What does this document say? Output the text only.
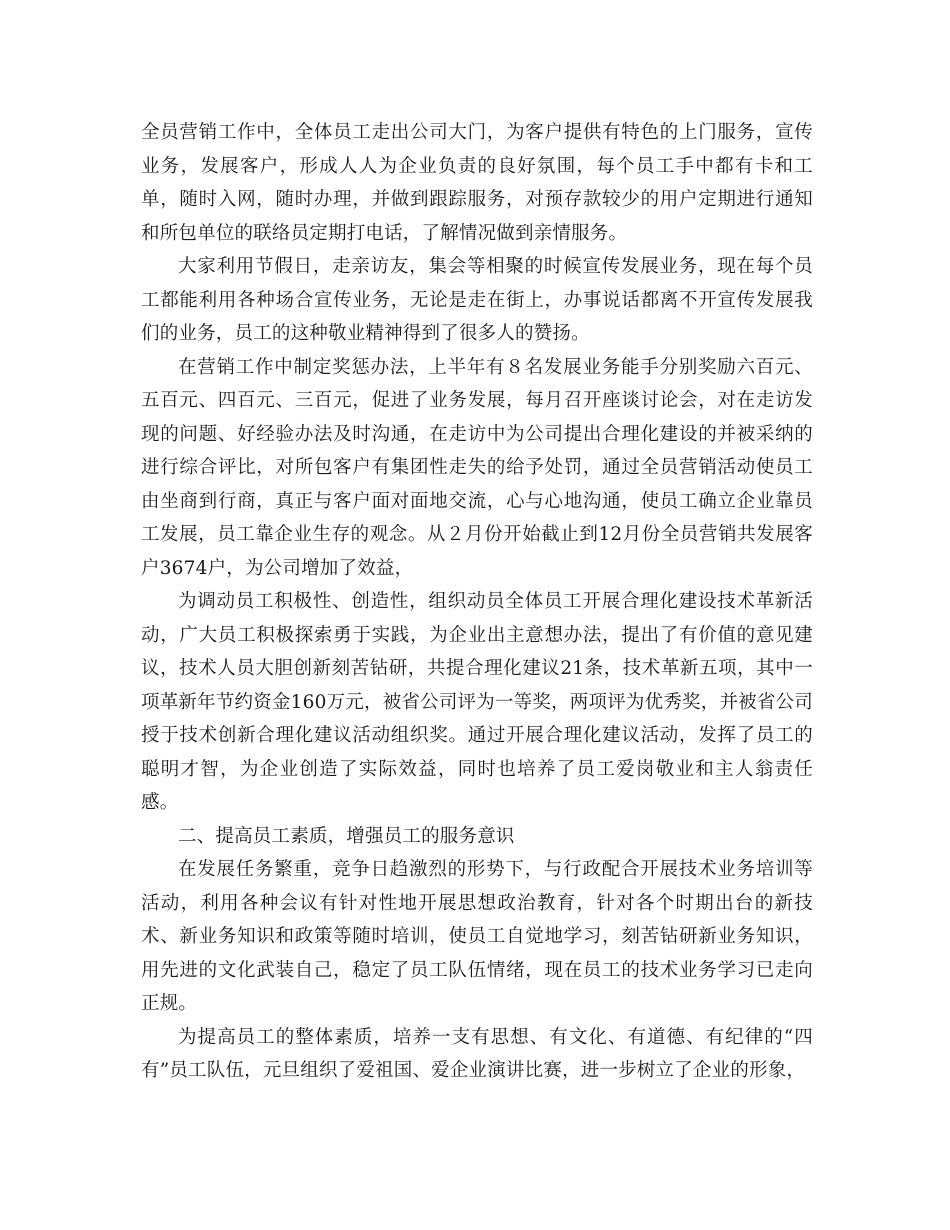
全员营销工作中，全体员工走出公司大门，为客户提供有特色的上门服务，宣传业务，发展客户，形成人人为企业负责的良好氛围，每个员工手中都有卡和工单，随时入网，随时办理，并做到跟踪服务，对预存款较少的用户定期进行通知和所包单位的联络员定期打电话，了解情况做到亲情服务。

大家利用节假日，走亲访友，集会等相聚的时候宣传发展业务，现在每个员工都能利用各种场合宣传业务，无论是走在街上，办事说话都离不开宣传发展我们的业务，员工的这种敬业精神得到了很多人的赞扬。

在营销工作中制定奖惩办法，上半年有８名发展业务能手分别奖励六百元、五百元、四百元、三百元，促进了业务发展，每月召开座谈讨论会，对在走访发现的问题、好经验办法及时沟通，在走访中为公司提出合理化建设的并被采纳的进行综合评比，对所包客户有集团性走失的给予处罚，通过全员营销活动使员工由坐商到行商，真正与客户面对面地交流，心与心地沟通，使员工确立企业靠员工发展，员工靠企业生存的观念。从２月份开始截止到12月份全员营销共发展客户3674户，为公司增加了效益，

为调动员工积极性、创造性，组织动员全体员工开展合理化建设技术革新活动，广大员工积极探索勇于实践，为企业出主意想办法，提出了有价值的意见建议，技术人员大胆创新刻苦钻研，共提合理化建议21条，技术革新五项，其中一项革新年节约资金160万元，被省公司评为一等奖，两项评为优秀奖，并被省公司授于技术创新合理化建议活动组织奖。通过开展合理化建议活动，发挥了员工的聪明才智，为企业创造了实际效益，同时也培养了员工爱岗敬业和主人翁责任感。

二、提高员工素质，增强员工的服务意识

在发展任务繁重，竞争日趋激烈的形势下，与行政配合开展技术业务培训等活动，利用各种会议有针对性地开展思想政治教育，针对各个时期出台的新技术、新业务知识和政策等随时培训，使员工自觉地学习，刻苦钻研新业务知识，用先进的文化武装自己，稳定了员工队伍情绪，现在员工的技术业务学习已走向正规。

为提高员工的整体素质，培养一支有思想、有文化、有道德、有纪律的“四有”员工队伍，元旦组织了爱祖国、爱企业演讲比赛，进一步树立了企业的形象，
